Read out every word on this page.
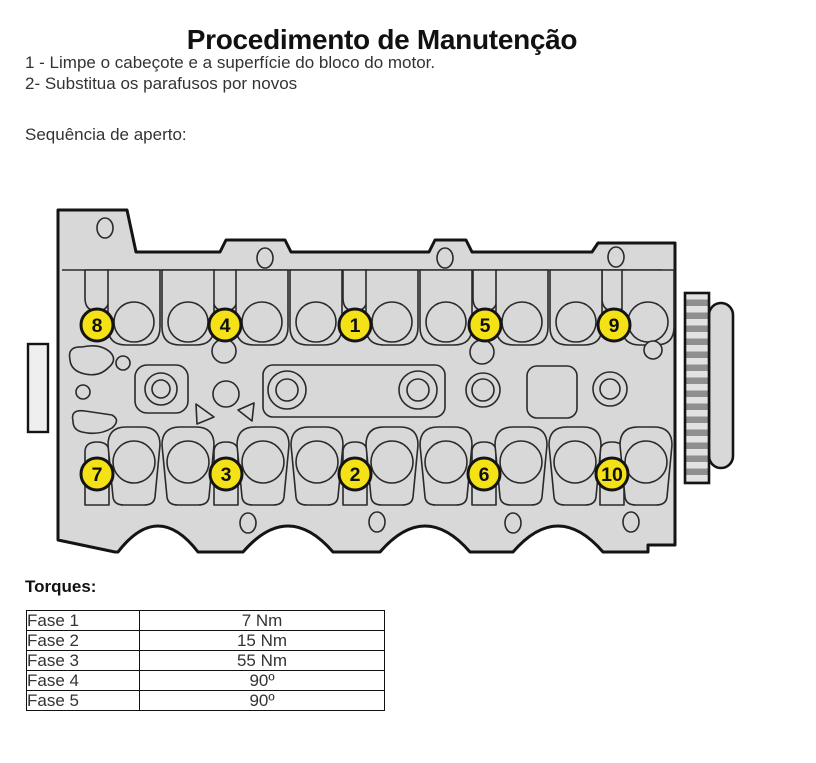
Procedimento de Manutenção
1 - Limpe o cabeçote e a superfície do bloco do motor.
2- Substitua os parafusos por novos
Sequência de aperto:
1
2
3
4	5
6
7
8	9
10
Torques:
Fase 1	7 Nm
Fase 2	15 Nm
Fase 3	55 Nm
Fase 4	90º
Fase 5	90º
